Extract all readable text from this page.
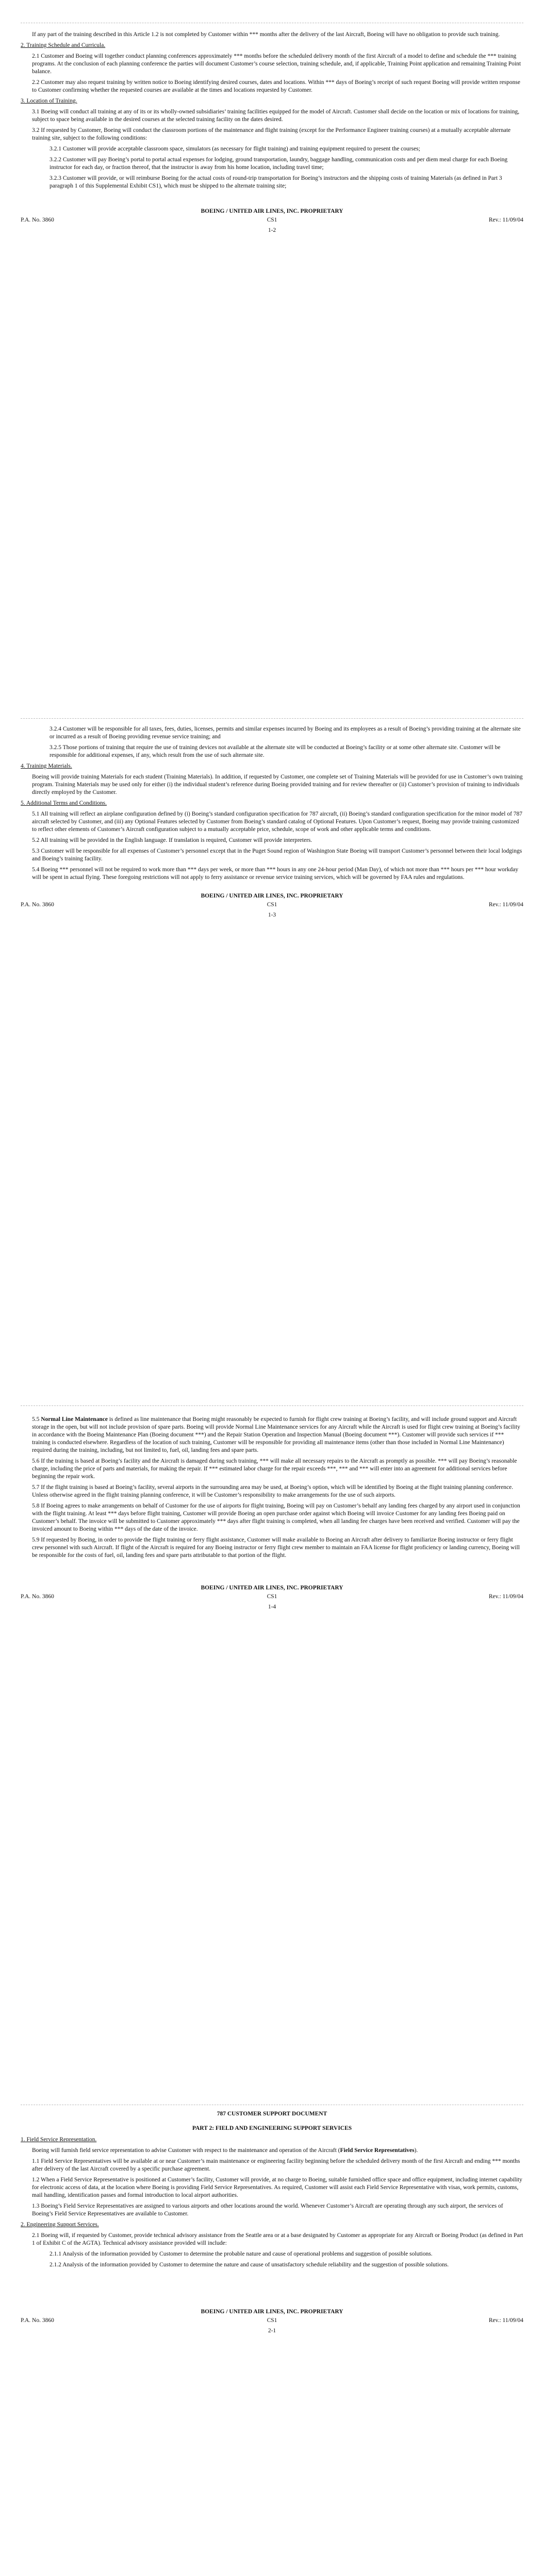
If any part of the training described in this Article 1.2 is not completed by Customer within *** months after the delivery of the last Aircraft, Boeing will have no obligation to provide such training.

2. Training Schedule and Curricula.

2.1 Customer and Boeing will together conduct planning conferences approximately *** months before the scheduled delivery month of the first Aircraft of a model to define and schedule the *** training programs. At the conclusion of each planning conference the parties will document Customer’s course selection, training schedule, and, if applicable, Training Point application and remaining Training Point balance.

2.2 Customer may also request training by written notice to Boeing identifying desired courses, dates and locations. Within *** days of Boeing’s receipt of such request Boeing will provide written response to Customer confirming whether the requested courses are available at the times and locations requested by Customer.

3. Location of Training.

3.1 Boeing will conduct all training at any of its or its wholly-owned subsidiaries’ training facilities equipped for the model of Aircraft. Customer shall decide on the location or mix of locations for training, subject to space being available in the desired courses at the selected training facility on the dates desired.

3.2 If requested by Customer, Boeing will conduct the classroom portions of the maintenance and flight training (except for the Performance Engineer training courses) at a mutually acceptable alternate training site, subject to the following conditions:

3.2.1 Customer will provide acceptable classroom space, simulators (as necessary for flight training) and training equipment required to present the courses;

3.2.2 Customer will pay Boeing’s portal to portal actual expenses for lodging, ground transportation, laundry, baggage handling, communication costs and per diem meal charge for each Boeing instructor for each day, or fraction thereof, that the instructor is away from his home location, including travel time;

3.2.3 Customer will provide, or will reimburse Boeing for the actual costs of round-trip transportation for Boeing’s instructors and the shipping costs of training Materials (as defined in Part 3 paragraph 1 of this Supplemental Exhibit CS1), which must be shipped to the alternate training site;

BOEING / UNITED AIR LINES, INC. PROPRIETARY

P.A. No. 3860	CS1	Rev.: 11/09/04
1-2

3.2.4 Customer will be responsible for all taxes, fees, duties, licenses, permits and similar expenses incurred by Boeing and its employees as a result of Boeing’s providing training at the alternate site or incurred as a result of Boeing providing revenue service training; and

3.2.5 Those portions of training that require the use of training devices not available at the alternate site will be conducted at Boeing’s facility or at some other alternate site. Customer will be responsible for additional expenses, if any, which result from the use of such alternate site.

4. Training Materials.

Boeing will provide training Materials for each student (Training Materials). In addition, if requested by Customer, one complete set of Training Materials will be provided for use in Customer’s own training program. Training Materials may be used only for either (i) the individual student’s reference during Boeing provided training and for review thereafter or (ii) Customer’s provision of training to individuals directly employed by the Customer.

5. Additional Terms and Conditions.

5.1 All training will reflect an airplane configuration defined by (i) Boeing’s standard configuration specification for 787 aircraft, (ii) Boeing’s standard configuration specification for the minor model of 787 aircraft selected by Customer, and (iii) any Optional Features selected by Customer from Boeing’s standard catalog of Optional Features. Upon Customer’s request, Boeing may provide training customized to reflect other elements of Customer’s Aircraft configuration subject to a mutually acceptable price, schedule, scope of work and other applicable terms and conditions.

5.2 All training will be provided in the English language. If translation is required, Customer will provide interpreters.

5.3 Customer will be responsible for all expenses of Customer’s personnel except that in the Puget Sound region of Washington State Boeing will transport Customer’s personnel between their local lodgings and Boeing’s training facility.

5.4 Boeing *** personnel will not be required to work more than *** days per week, or more than *** hours in any one 24-hour period (Man Day), of which not more than *** hours per *** hour workday will be spent in actual flying. These foregoing restrictions will not apply to ferry assistance or revenue service training services, which will be governed by FAA rules and regulations.

BOEING / UNITED AIR LINES, INC. PROPRIETARY

P.A. No. 3860	CS1	Rev.: 11/09/04
1-3

5.5 Normal Line Maintenance is defined as line maintenance that Boeing might reasonably be expected to furnish for flight crew training at Boeing’s facility, and will include ground support and Aircraft storage in the open, but will not include provision of spare parts. Boeing will provide Normal Line Maintenance services for any Aircraft while the Aircraft is used for flight crew training at Boeing’s facility in accordance with the Boeing Maintenance Plan (Boeing document ***) and the Repair Station Operation and Inspection Manual (Boeing document ***). Customer will provide such services if *** training is conducted elsewhere. Regardless of the location of such training, Customer will be responsible for providing all maintenance items (other than those included in Normal Line Maintenance) required during the training, including, but not limited to, fuel, oil, landing fees and spare parts.

5.6 If the training is based at Boeing’s facility and the Aircraft is damaged during such training, *** will make all necessary repairs to the Aircraft as promptly as possible. *** will pay Boeing’s reasonable charge, including the price of parts and materials, for making the repair. If *** estimated labor charge for the repair exceeds ***, *** and *** will enter into an agreement for additional services before beginning the repair work.

5.7 If the flight training is based at Boeing’s facility, several airports in the surrounding area may be used, at Boeing’s option, which will be identified by Boeing at the flight training planning conference. Unless otherwise agreed in the flight training planning conference, it will be Customer’s responsibility to make arrangements for the use of such airports.

5.8 If Boeing agrees to make arrangements on behalf of Customer for the use of airports for flight training, Boeing will pay on Customer’s behalf any landing fees charged by any airport used in conjunction with the flight training. At least *** days before flight training, Customer will provide Boeing an open purchase order against which Boeing will invoice Customer for any landing fees Boeing paid on Customer’s behalf. The invoice will be submitted to Customer approximately *** days after flight training is completed, when all landing fee charges have been received and verified. Customer will pay the invoiced amount to Boeing within *** days of the date of the invoice.

5.9 If requested by Boeing, in order to provide the flight training or ferry flight assistance, Customer will make available to Boeing an Aircraft after delivery to familiarize Boeing instructor or ferry flight crew personnel with such Aircraft. If flight of the Aircraft is required for any Boeing instructor or ferry flight crew member to maintain an FAA license for flight proficiency or landing currency, Boeing will be responsible for the costs of fuel, oil, landing fees and spare parts attributable to that portion of the flight.

BOEING / UNITED AIR LINES, INC. PROPRIETARY

P.A. No. 3860	CS1	Rev.: 11/09/04
1-4

787 CUSTOMER SUPPORT DOCUMENT

PART 2: FIELD AND ENGINEERING SUPPORT SERVICES

1. Field Service Representation.

Boeing will furnish field service representation to advise Customer with respect to the maintenance and operation of the Aircraft (Field Service Representatives).

1.1 Field Service Representatives will be available at or near Customer’s main maintenance or engineering facility beginning before the scheduled delivery month of the first Aircraft and ending *** months after delivery of the last Aircraft covered by a specific purchase agreement.

1.2 When a Field Service Representative is positioned at Customer’s facility, Customer will provide, at no charge to Boeing, suitable furnished office space and office equipment, including internet capability for electronic access of data, at the location where Boeing is providing Field Service Representatives. As required, Customer will assist each Field Service Representative with visas, work permits, customs, mail handling, identification passes and formal introduction to local airport authorities.

1.3 Boeing’s Field Service Representatives are assigned to various airports and other locations around the world. Whenever Customer’s Aircraft are operating through any such airport, the services of Boeing’s Field Service Representatives are available to Customer.

2. Engineering Support Services.

2.1 Boeing will, if requested by Customer, provide technical advisory assistance from the Seattle area or at a base designated by Customer as appropriate for any Aircraft or Boeing Product (as defined in Part 1 of Exhibit C of the AGTA). Technical advisory assistance provided will include:

2.1.1 Analysis of the information provided by Customer to determine the probable nature and cause of operational problems and suggestion of possible solutions.

2.1.2 Analysis of the information provided by Customer to determine the nature and cause of unsatisfactory schedule reliability and the suggestion of possible solutions.

BOEING / UNITED AIR LINES, INC. PROPRIETARY

P.A. No. 3860	CS1	Rev.: 11/09/04
2-1
